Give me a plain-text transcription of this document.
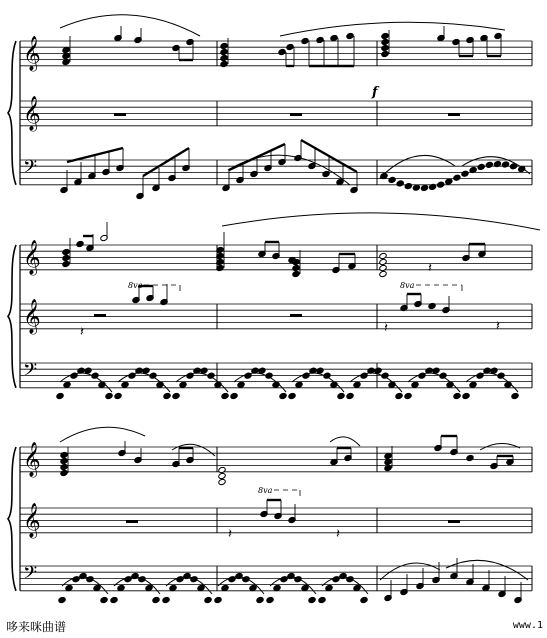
𝄞
𝄞
𝄢
𝄞
𝄞
𝄢
𝄞
𝄞
𝄢
𝄽
𝄽	𝄽	𝄽
𝄽	𝄽
f
8va	8va
8va
哆来咪曲谱	www.1
